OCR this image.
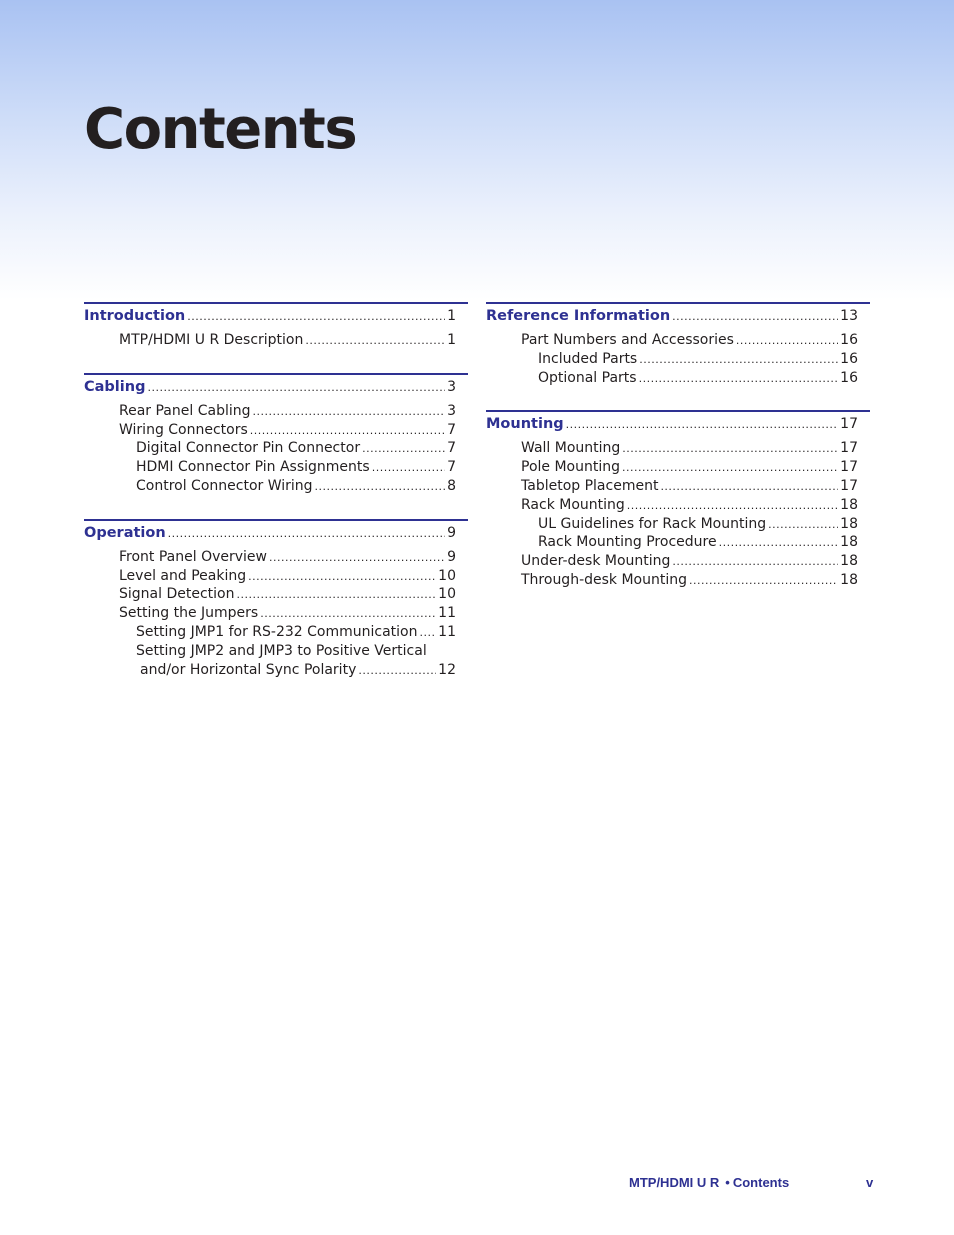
Contents
Introduction .....	1
MTP/HDMI U R Description .....	1
Cabling .....	3
Rear Panel Cabling .....	3
Wiring Connectors .....	7
Digital Connector Pin Connector .....	7
HDMI Connector Pin Assignments .....	7
Control Connector Wiring .....	8
Operation .....	9
Front Panel Overview .....	9
Level and Peaking .....	10
Signal Detection .....	10
Setting the Jumpers .....	11
Setting JMP1 for RS-232 Communication ..... 11
Setting JMP2 and JMP3 to Positive Vertical
and/or Horizontal Sync Polarity .....	12
Reference Information .....	13
Part Numbers and Accessories .....	16
Included Parts .....	16
Optional Parts .....	16
Mounting .....	17
Wall Mounting .....	17
Pole Mounting .....	17
Tabletop Placement .....	17
Rack Mounting .....	18
UL Guidelines for Rack Mounting .....	18
Rack Mounting Procedure .....	18
Under-desk Mounting .....	18
Through-desk Mounting .....	18
MTP/HDMI U R • Contents	v
